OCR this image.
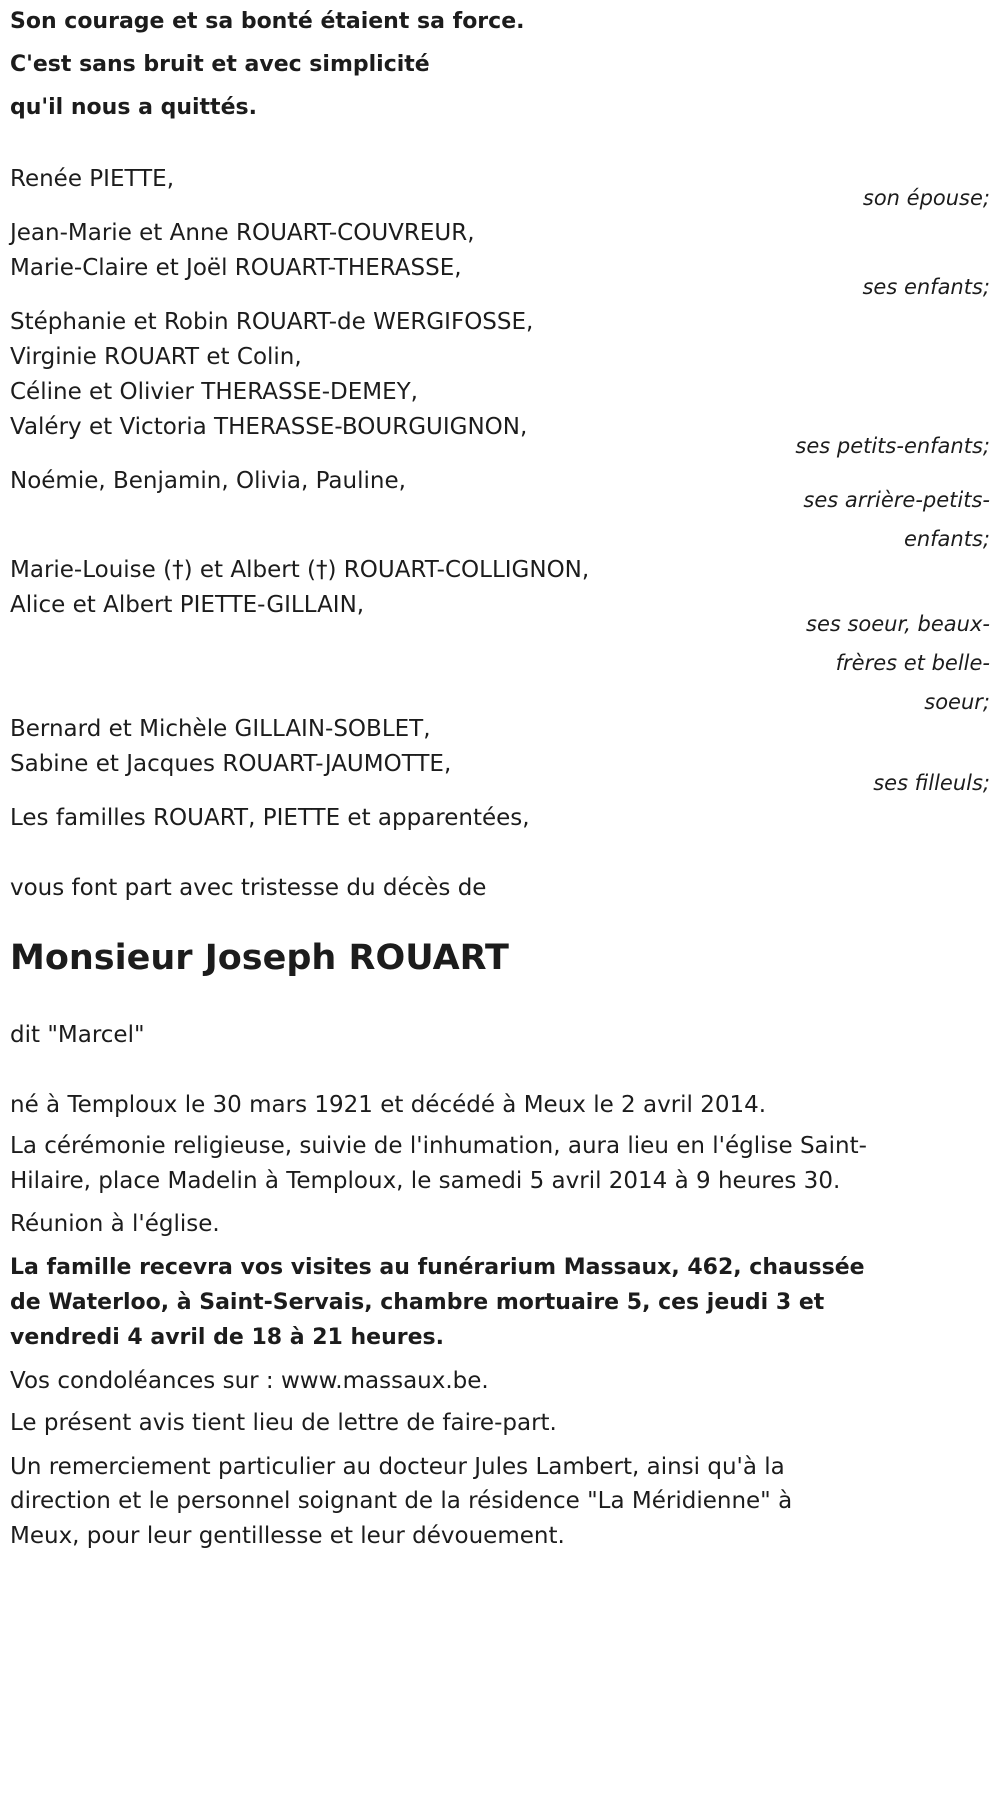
Son courage et sa bonté étaient sa force.
C'est sans bruit et avec simplicité
qu'il nous a quittés.
Renée PIETTE,
son épouse;
Jean-Marie et Anne ROUART-COUVREUR,
Marie-Claire et Joël ROUART-THERASSE,
ses enfants;
Stéphanie et Robin ROUART-de WERGIFOSSE,
Virginie ROUART et Colin,
Céline et Olivier THERASSE-DEMEY,
Valéry et Victoria THERASSE-BOURGUIGNON,
ses petits-enfants;
Noémie, Benjamin, Olivia, Pauline,
ses arrière-petits-enfants;
Marie-Louise (†) et Albert (†) ROUART-COLLIGNON,
Alice et Albert PIETTE-GILLAIN,
ses soeur, beaux-frères et belle-soeur;
Bernard et Michèle GILLAIN-SOBLET,
Sabine et Jacques ROUART-JAUMOTTE,
ses filleuls;
Les familles ROUART, PIETTE et apparentées,
vous font part avec tristesse du décès de
Monsieur Joseph ROUART
dit "Marcel"
né à Temploux le 30 mars 1921 et décédé à Meux le 2 avril 2014.
La cérémonie religieuse, suivie de l'inhumation, aura lieu en l'église Saint-
Hilaire, place Madelin à Temploux, le samedi 5 avril 2014 à 9 heures 30.
Réunion à l'église.
La famille recevra vos visites au funérarium Massaux, 462, chaussée
de Waterloo, à Saint-Servais, chambre mortuaire 5, ces jeudi 3 et
vendredi 4 avril de 18 à 21 heures.
Vos condoléances sur : www.massaux.be.
Le présent avis tient lieu de lettre de faire-part.
Un remerciement particulier au docteur Jules Lambert, ainsi qu'à la
direction et le personnel soignant de la résidence "La Méridienne" à
Meux, pour leur gentillesse et leur dévouement.
